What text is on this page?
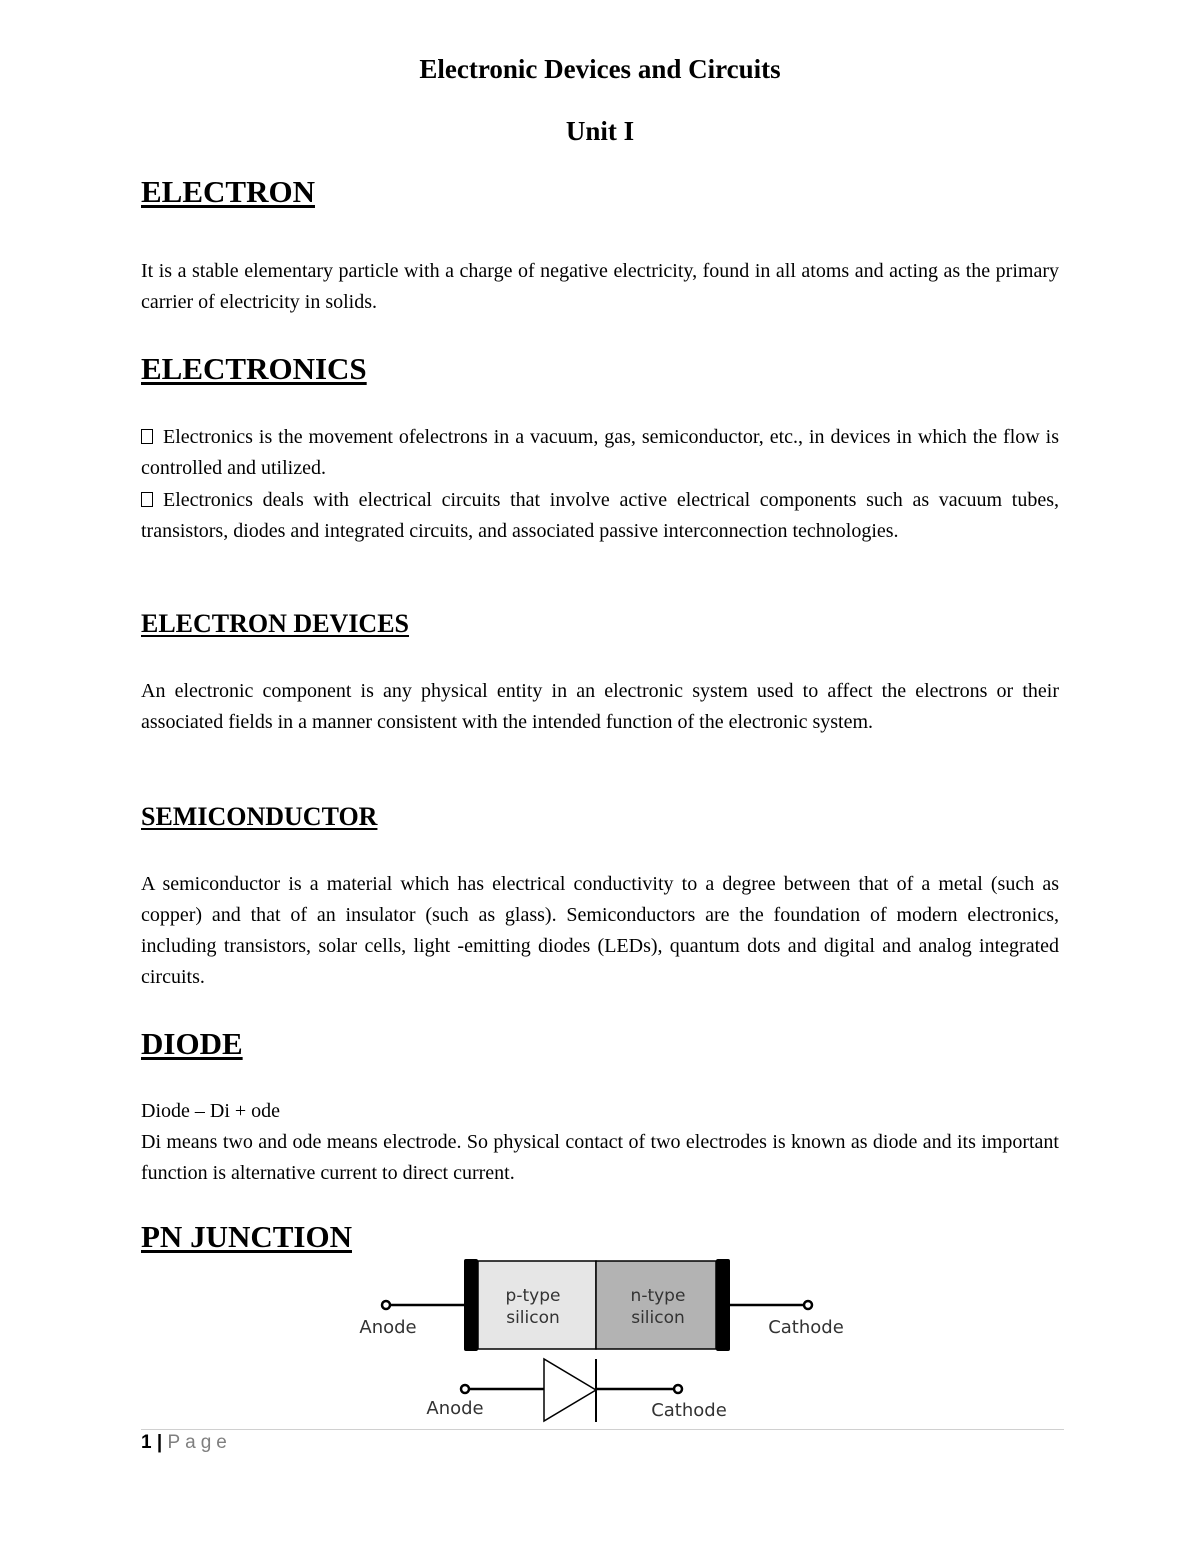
Electronic Devices and Circuits
Unit I
ELECTRON

It is a stable elementary particle with a charge of negative electricity, found in all atoms and acting as the primary carrier of electricity in solids.

ELECTRONICS

Electronics is the movement ofelectrons in a vacuum, gas, semiconductor, etc., in devices in which the flow is controlled and utilized.

Electronics deals with electrical circuits that involve active electrical components such as vacuum tubes, transistors, diodes and integrated circuits, and associated passive interconnection technologies.

ELECTRON DEVICES

An electronic component is any physical entity in an electronic system used to affect the electrons or their associated fields in a manner consistent with the intended function of the electronic system.

SEMICONDUCTOR

A semiconductor is a material which has electrical conductivity to a degree between that of a metal (such as copper) and that of an insulator (such as glass). Semiconductors are the foundation of modern electronics, including transistors, solar cells, light -emitting diodes (LEDs), quantum dots and digital and analog integrated circuits.

DIODE

Diode – Di + ode

Di means two and ode means electrode. So physical contact of two electrodes is known as diode and its important function is alternative current to direct current.

PN JUNCTION
p-type
silicon
n-type
silicon
Anode	Cathode
Anode	Cathode
1 | Page
